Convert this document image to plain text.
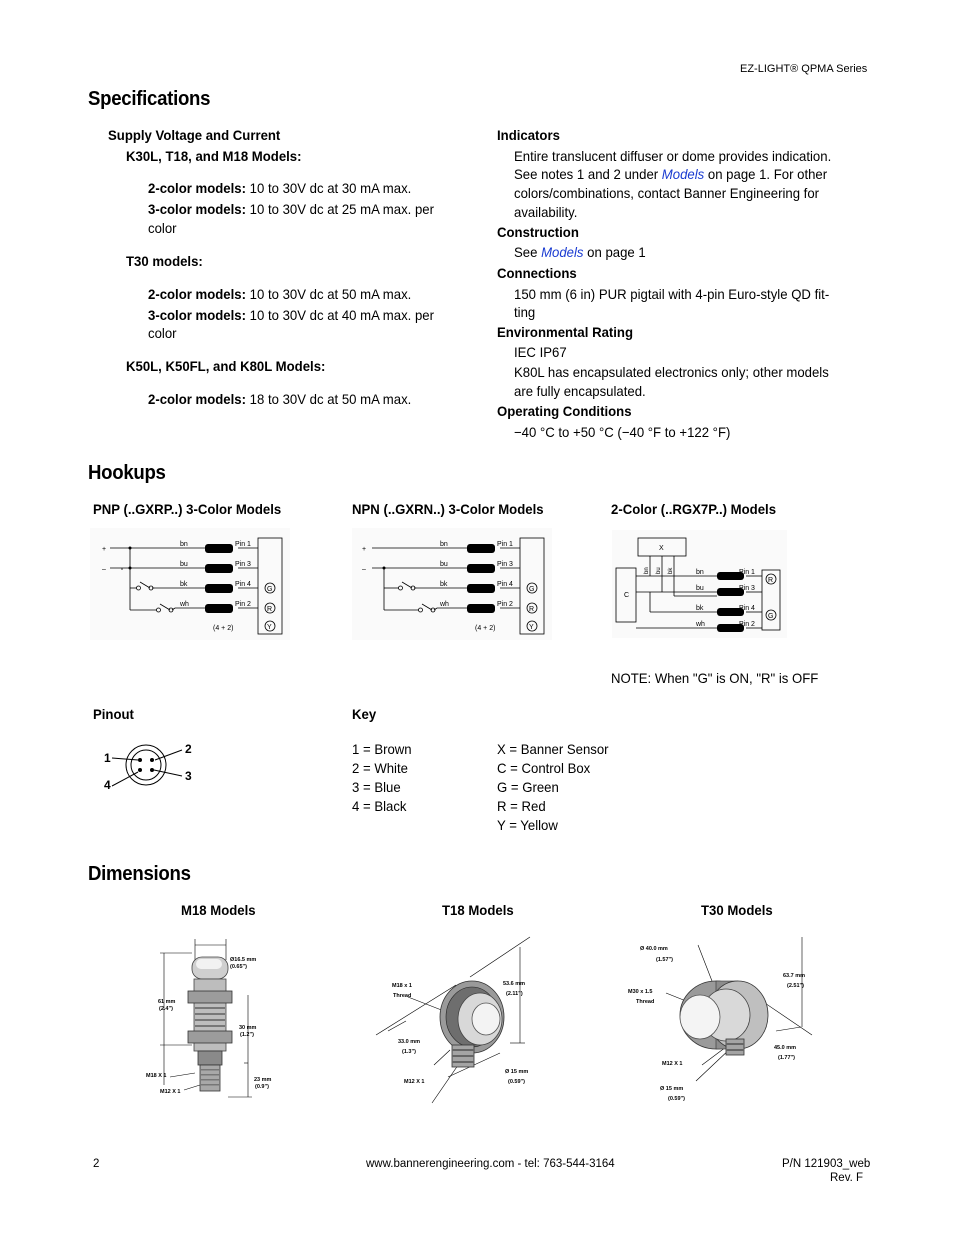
EZ-LIGHT® QPMA Series
Specifications
Supply Voltage and Current
K30L, T18, and M18 Models:
2-color models: 10 to 30V dc at 30 mA max.
3-color models: 10 to 30V dc at 25 mA max. per
color
T30 models:
2-color models: 10 to 30V dc at 50 mA max.
3-color models: 10 to 30V dc at 40 mA max. per
color
K50L, K50FL, and K80L Models:
2-color models: 18 to 30V dc at 50 mA max.
Indicators
Entire translucent diffuser or dome provides indication.
See notes 1 and 2 under Models on page 1. For other
colors/combinations, contact Banner Engineering for
availability.
Construction
See Models on page 1
Connections
150 mm (6 in) PUR pigtail with 4-pin Euro-style QD fit-
ting
Environmental Rating
IEC IP67
K80L has encapsulated electronics only; other models
are fully encapsulated.
Operating Conditions
−40 °C to +50 °C (−40 °F to +122 °F)
Hookups
PNP (..GXRP..) 3-Color Models	NPN (..GXRN..) 3-Color Models	2-Color (..RGX7P..) Models
+
–
bn
bu
bk
wh
Pin 1
Pin 3
Pin 4
Pin 2
(4 + 2)
G
R
Y
+
–
bn
bu
bk
wh
Pin 1
Pin 3
Pin 4
Pin 2
(4 + 2)
G
R
Y
X
C
bn bu bk	bn
bu
bk
wh
Pin 1
Pin 3
Pin 4
Pin 2
R
G
NOTE: When "G" is ON, "R" is OFF
Pinout
1
2
3
4
Key
1 = Brown
2 = White
3 = Blue
4 = Black
X = Banner Sensor
C = Control Box
G = Green
R = Red
Y = Yellow
Dimensions
M18 Models	T18 Models	T30 Models
Ø16.5 mm
(0.65")
61 mm
(2.4")
30 mm
(1.2")
23 mm
(0.9")
M18 X 1
M12 X 1
M18 x 1
Thread
53.6 mm
(2.11")
33.0 mm
(1.3")
Ø 15 mm
(0.59")
M12 X 1
Ø 40.0 mm
(1.57")
63.7 mm
(2.51")
M30 x 1.5
Thread
45.0 mm
(1.77")
M12 X 1
Ø 15 mm
(0.59")
2	www.bannerengineering.com - tel: 763-544-3164	P/N 121903_web
Rev. F
